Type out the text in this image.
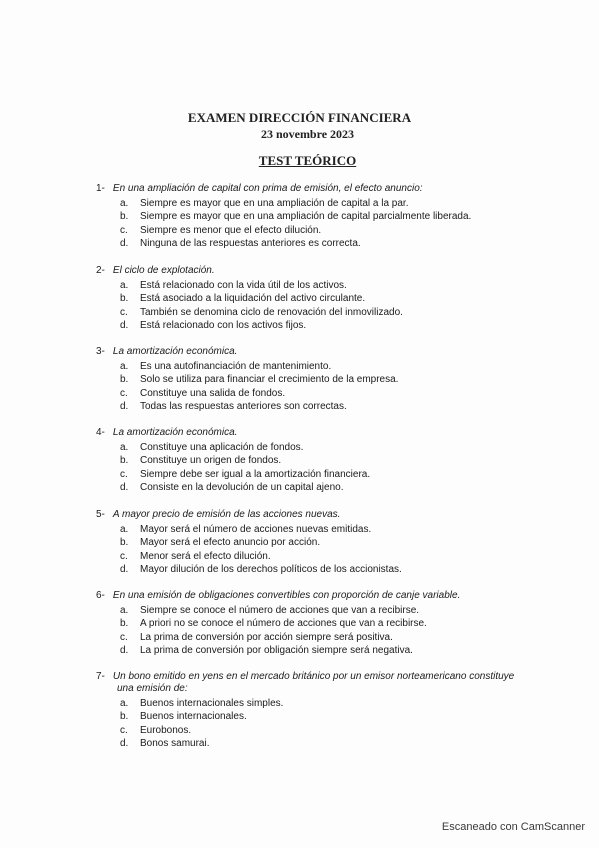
EXAMEN DIRECCIÓN FINANCIERA
23 novembre 2023
TEST TEÓRICO
1- En una ampliación de capital con prima de emisión, el efecto anuncio:
a. Siempre es mayor que en una ampliación de capital a la par.
b. Siempre es mayor que en una ampliación de capital parcialmente liberada.
c. Siempre es menor que el efecto dilución.
d. Ninguna de las respuestas anteriores es correcta.
2- El ciclo de explotación.
a. Está relacionado con la vida útil de los activos.
b. Está asociado a la liquidación del activo circulante.
c. También se denomina ciclo de renovación del inmovilizado.
d. Está relacionado con los activos fijos.
3- La amortización económica.
a. Es una autofinanciación de mantenimiento.
b. Solo se utiliza para financiar el crecimiento de la empresa.
c. Constituye una salida de fondos.
d. Todas las respuestas anteriores son correctas.
4- La amortización económica.
a. Constituye una aplicación de fondos.
b. Constituye un origen de fondos.
c. Siempre debe ser igual a la amortización financiera.
d. Consiste en la devolución de un capital ajeno.
5- A mayor precio de emisión de las acciones nuevas.
a. Mayor será el número de acciones nuevas emitidas.
b. Mayor será el efecto anuncio por acción.
c. Menor será el efecto dilución.
d. Mayor dilución de los derechos políticos de los accionistas.
6- En una emisión de obligaciones convertibles con proporción de canje variable.
a. Siempre se conoce el número de acciones que van a recibirse.
b. A priori no se conoce el número de acciones que van a recibirse.
c. La prima de conversión por acción siempre será positiva.
d. La prima de conversión por obligación siempre será negativa.
7- Un bono emitido en yens en el mercado británico por un emisor norteamericano constituye
una emisión de:
a. Buenos internacionales simples.
b. Buenos internacionales.
c. Eurobonos.
d. Bonos samurai.
Escaneado con CamScanner
